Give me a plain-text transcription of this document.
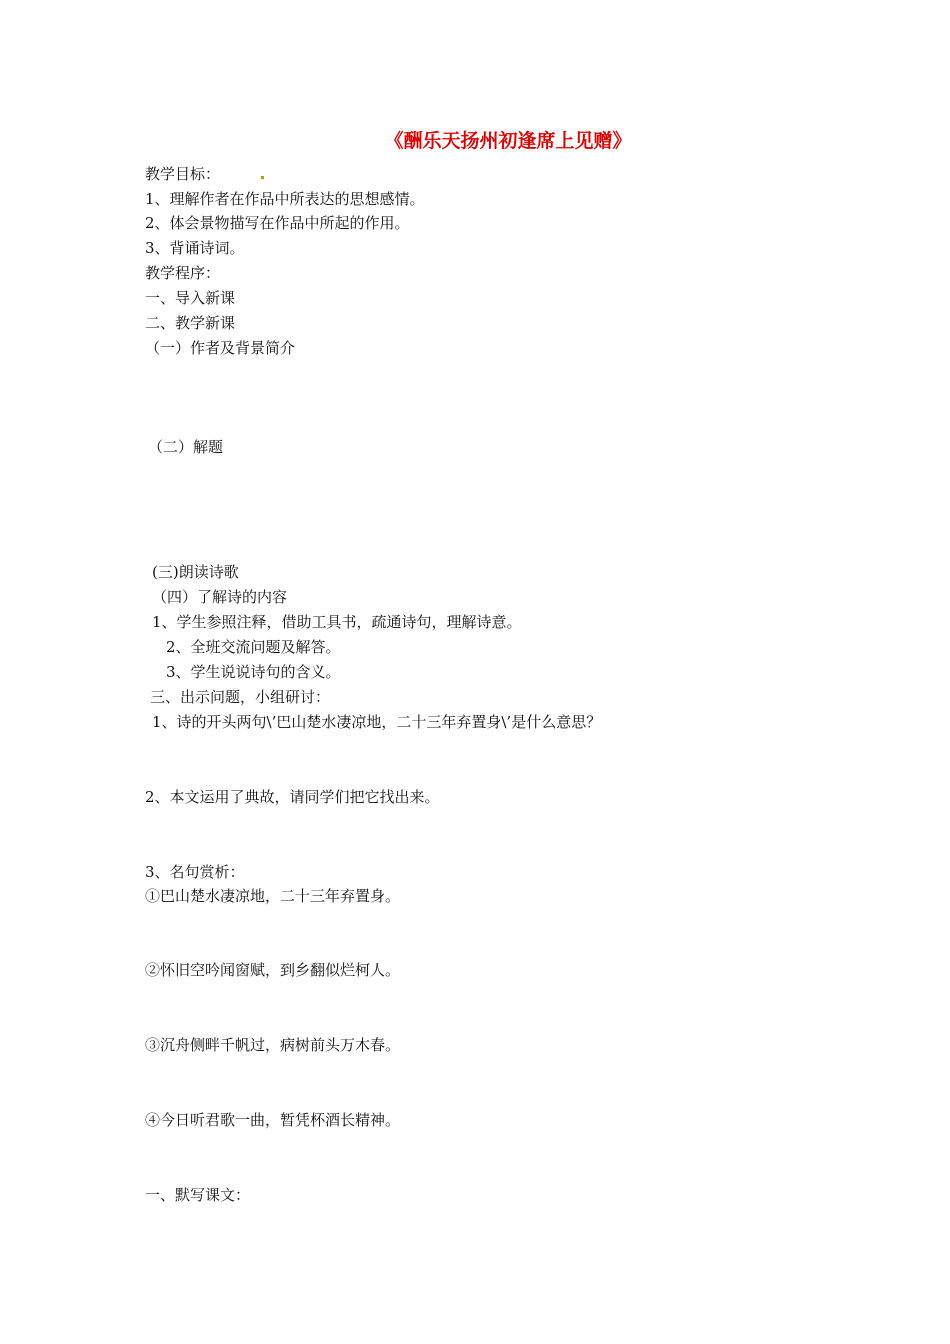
《酬乐天扬州初逢席上见赠》
教学目标：
1、理解作者在作品中所表达的思想感情。
2、体会景物描写在作品中所起的作用。
3、背诵诗词。
教学程序：
一、导入新课
二、教学新课
（一）作者及背景简介
（二）解题
(三)朗读诗歌
（四）了解诗的内容
1、学生参照注释，借助工具书，疏通诗句，理解诗意。
2、全班交流问题及解答。
3、学生说说诗句的含义。
三、出示问题，小组研讨：
1、诗的开头两句\’巴山楚水凄凉地，二十三年弃置身\’是什么意思？
2、本文运用了典故，请同学们把它找出来。
3、名句赏析：
①巴山楚水凄凉地，二十三年弃置身。
②怀旧空吟闻窗赋，到乡翻似烂柯人。
③沉舟侧畔千帆过，病树前头万木春。
④今日听君歌一曲，暂凭杯酒长精神。
一、默写课文：
